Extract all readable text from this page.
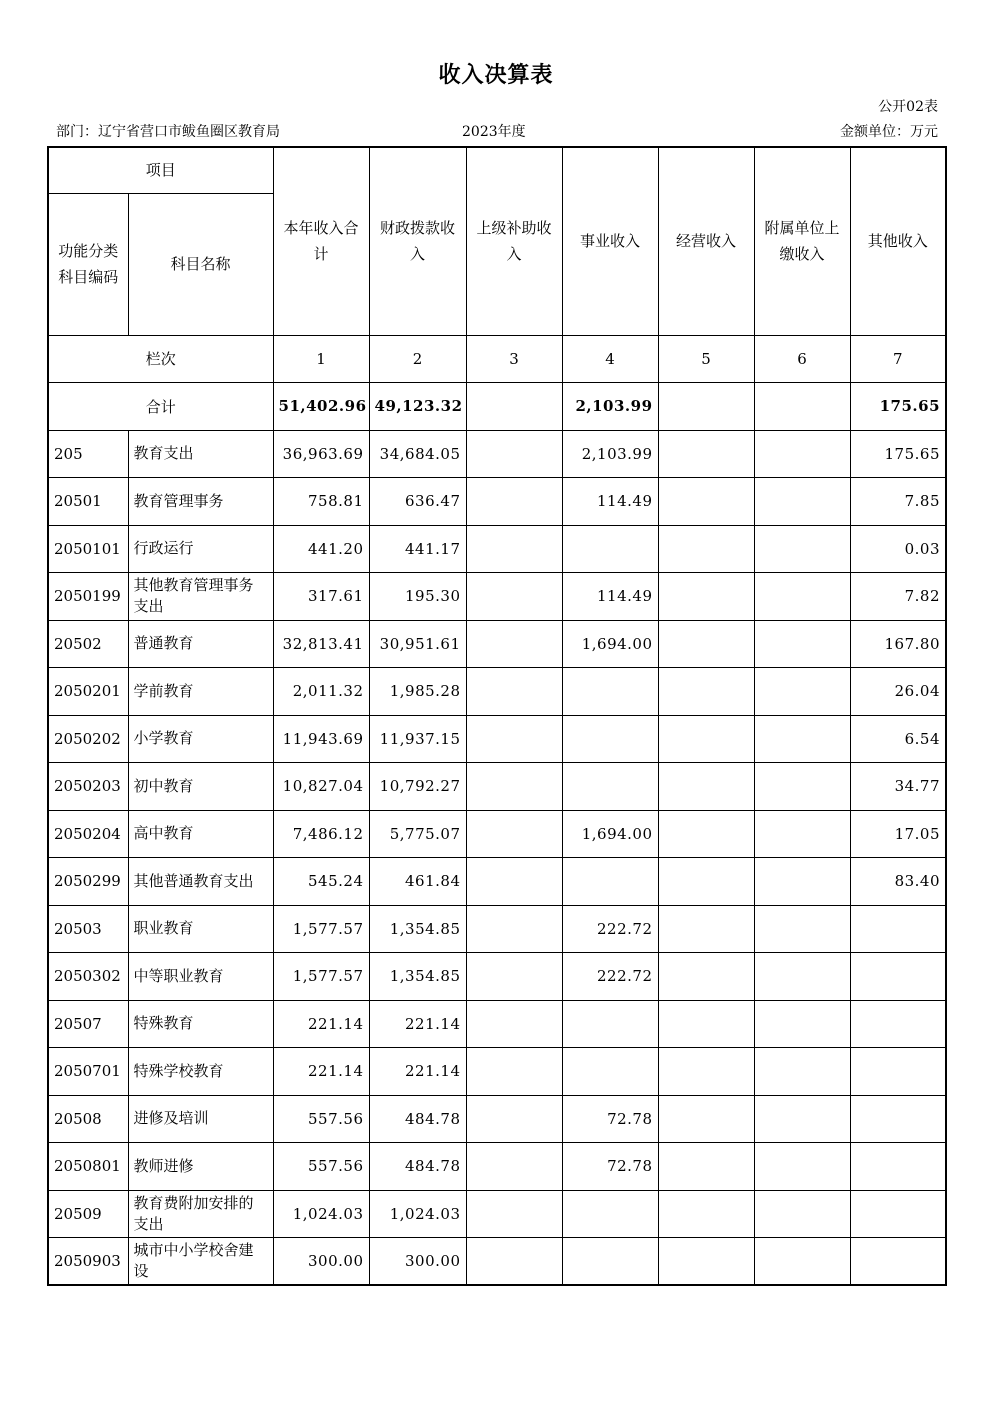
收入决算表
公开02表
部门：辽宁省营口市鲅鱼圈区教育局	2023年度	金额单位：万元
项目		本年收入合计	财政拨款收入	上级补助收入	事业收入	经营收入	附属单位上缴收入	其他收入
功能分类科目编码	科目名称							
栏次		1	2	3	4	5	6	7
合计		51,402.96	49,123.32		2,103.99			175.65
205	教育支出	36,963.69	34,684.05		2,103.99			175.65
20501	教育管理事务	758.81	636.47		114.49			7.85
2050101	行政运行	441.20	441.17					0.03
2050199	其他教育管理事务支出	317.61	195.30		114.49			7.82
20502	普通教育	32,813.41	30,951.61		1,694.00			167.80
2050201	学前教育	2,011.32	1,985.28					26.04
2050202	小学教育	11,943.69	11,937.15					6.54
2050203	初中教育	10,827.04	10,792.27					34.77
2050204	高中教育	7,486.12	5,775.07		1,694.00			17.05
2050299	其他普通教育支出	545.24	461.84					83.40
20503	职业教育	1,577.57	1,354.85		222.72			
2050302	中等职业教育	1,577.57	1,354.85		222.72			
20507	特殊教育	221.14	221.14					
2050701	特殊学校教育	221.14	221.14					
20508	进修及培训	557.56	484.78		72.78			
2050801	教师进修	557.56	484.78		72.78			
20509	教育费附加安排的支出	1,024.03	1,024.03					
2050903	城市中小学校舍建设	300.00	300.00					
